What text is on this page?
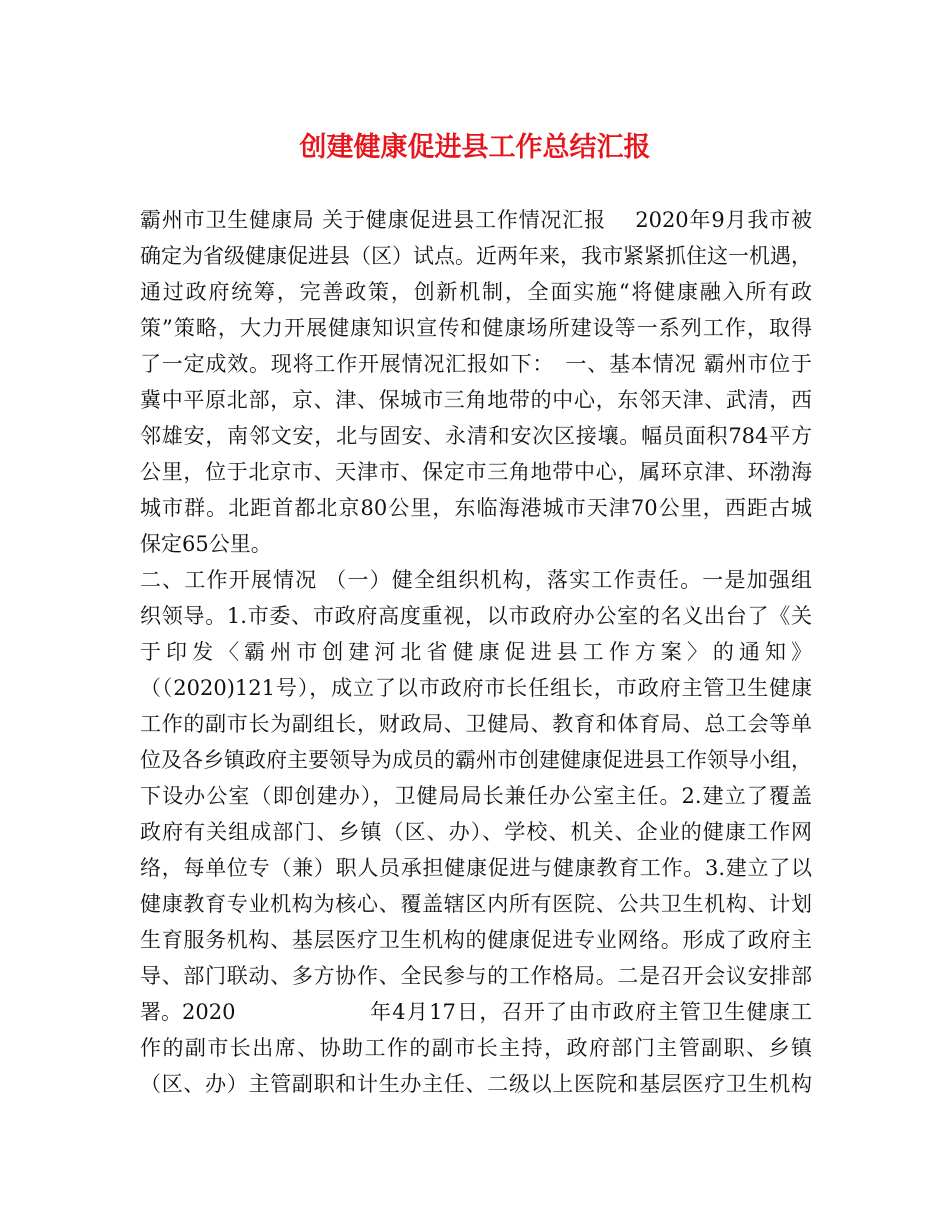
创建健康促进县工作总结汇报
霸州市卫生健康局 关于健康促进县工作情况汇报　 2020年9月我市被
确定为省级健康促进县（区）试点。近两年来，我市紧紧抓住这一机遇，
通过政府统筹，完善政策，创新机制，全面实施“将健康融入所有政
策”策略，大力开展健康知识宣传和健康场所建设等一系列工作，取得
了一定成效。现将工作开展情况汇报如下：　一、基本情况 霸州市位于
冀中平原北部，京、津、保城市三角地带的中心，东邻天津、武清，西
邻雄安，南邻文安，北与固安、永清和安次区接壤。幅员面积784平方
公里，位于北京市、天津市、保定市三角地带中心，属环京津、环渤海
城市群。北距首都北京80公里，东临海港城市天津70公里，西距古城
保定65公里。
二、工作开展情况 （一）健全组织机构，落实工作责任。一是加强组
织领导。1.市委、市政府高度重视，以市政府办公室的名义出台了《关
于印发〈霸州市创建河北省健康促进县工作方案〉的通知》
（（2020)121号），成立了以市政府市长任组长，市政府主管卫生健康
工作的副市长为副组长，财政局、卫健局、教育和体育局、总工会等单
位及各乡镇政府主要领导为成员的霸州市创建健康促进县工作领导小组，
下设办公室（即创建办），卫健局局长兼任办公室主任。2.建立了覆盖
政府有关组成部门、乡镇（区、办）、学校、机关、企业的健康工作网
络，每单位专（兼）职人员承担健康促进与健康教育工作。3.建立了以
健康教育专业机构为核心、覆盖辖区内所有医院、公共卫生机构、计划
生育服务机构、基层医疗卫生机构的健康促进专业网络。形成了政府主
导、部门联动、多方协作、全民参与的工作格局。二是召开会议安排部
署。2020	年4月17日，召开了由市政府主管卫生健康工
作的副市长出席、协助工作的副市长主持，政府部门主管副职、乡镇
（区、办）主管副职和计生办主任、二级以上医院和基层医疗卫生机构
